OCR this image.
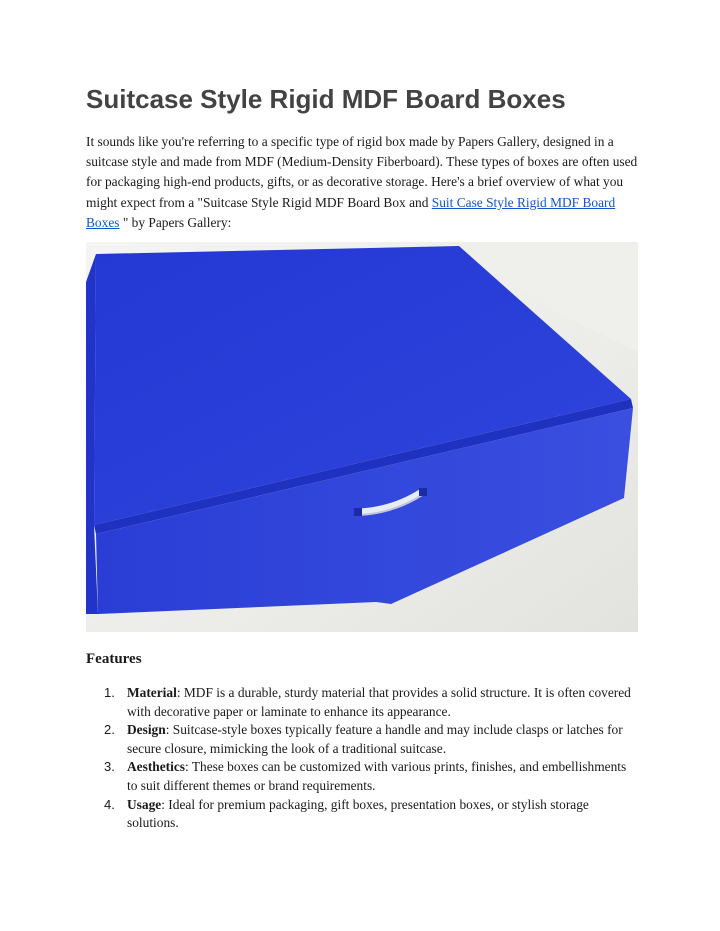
Suitcase Style Rigid MDF Board Boxes

It sounds like you're referring to a specific type of rigid box made by Papers Gallery, designed in a suitcase style and made from MDF (Medium-Density Fiberboard). These types of boxes are often used for packaging high-end products, gifts, or as decorative storage. Here's a brief overview of what you might expect from a "Suitcase Style Rigid MDF Board Box and Suit Case Style Rigid MDF Board Boxes " by Papers Gallery:

Features
1. Material: MDF is a durable, sturdy material that provides a solid structure. It is often covered with decorative paper or laminate to enhance its appearance.
2. Design: Suitcase-style boxes typically feature a handle and may include clasps or latches for secure closure, mimicking the look of a traditional suitcase.
3. Aesthetics: These boxes can be customized with various prints, finishes, and embellishments to suit different themes or brand requirements.
4. Usage: Ideal for premium packaging, gift boxes, presentation boxes, or stylish storage solutions.
